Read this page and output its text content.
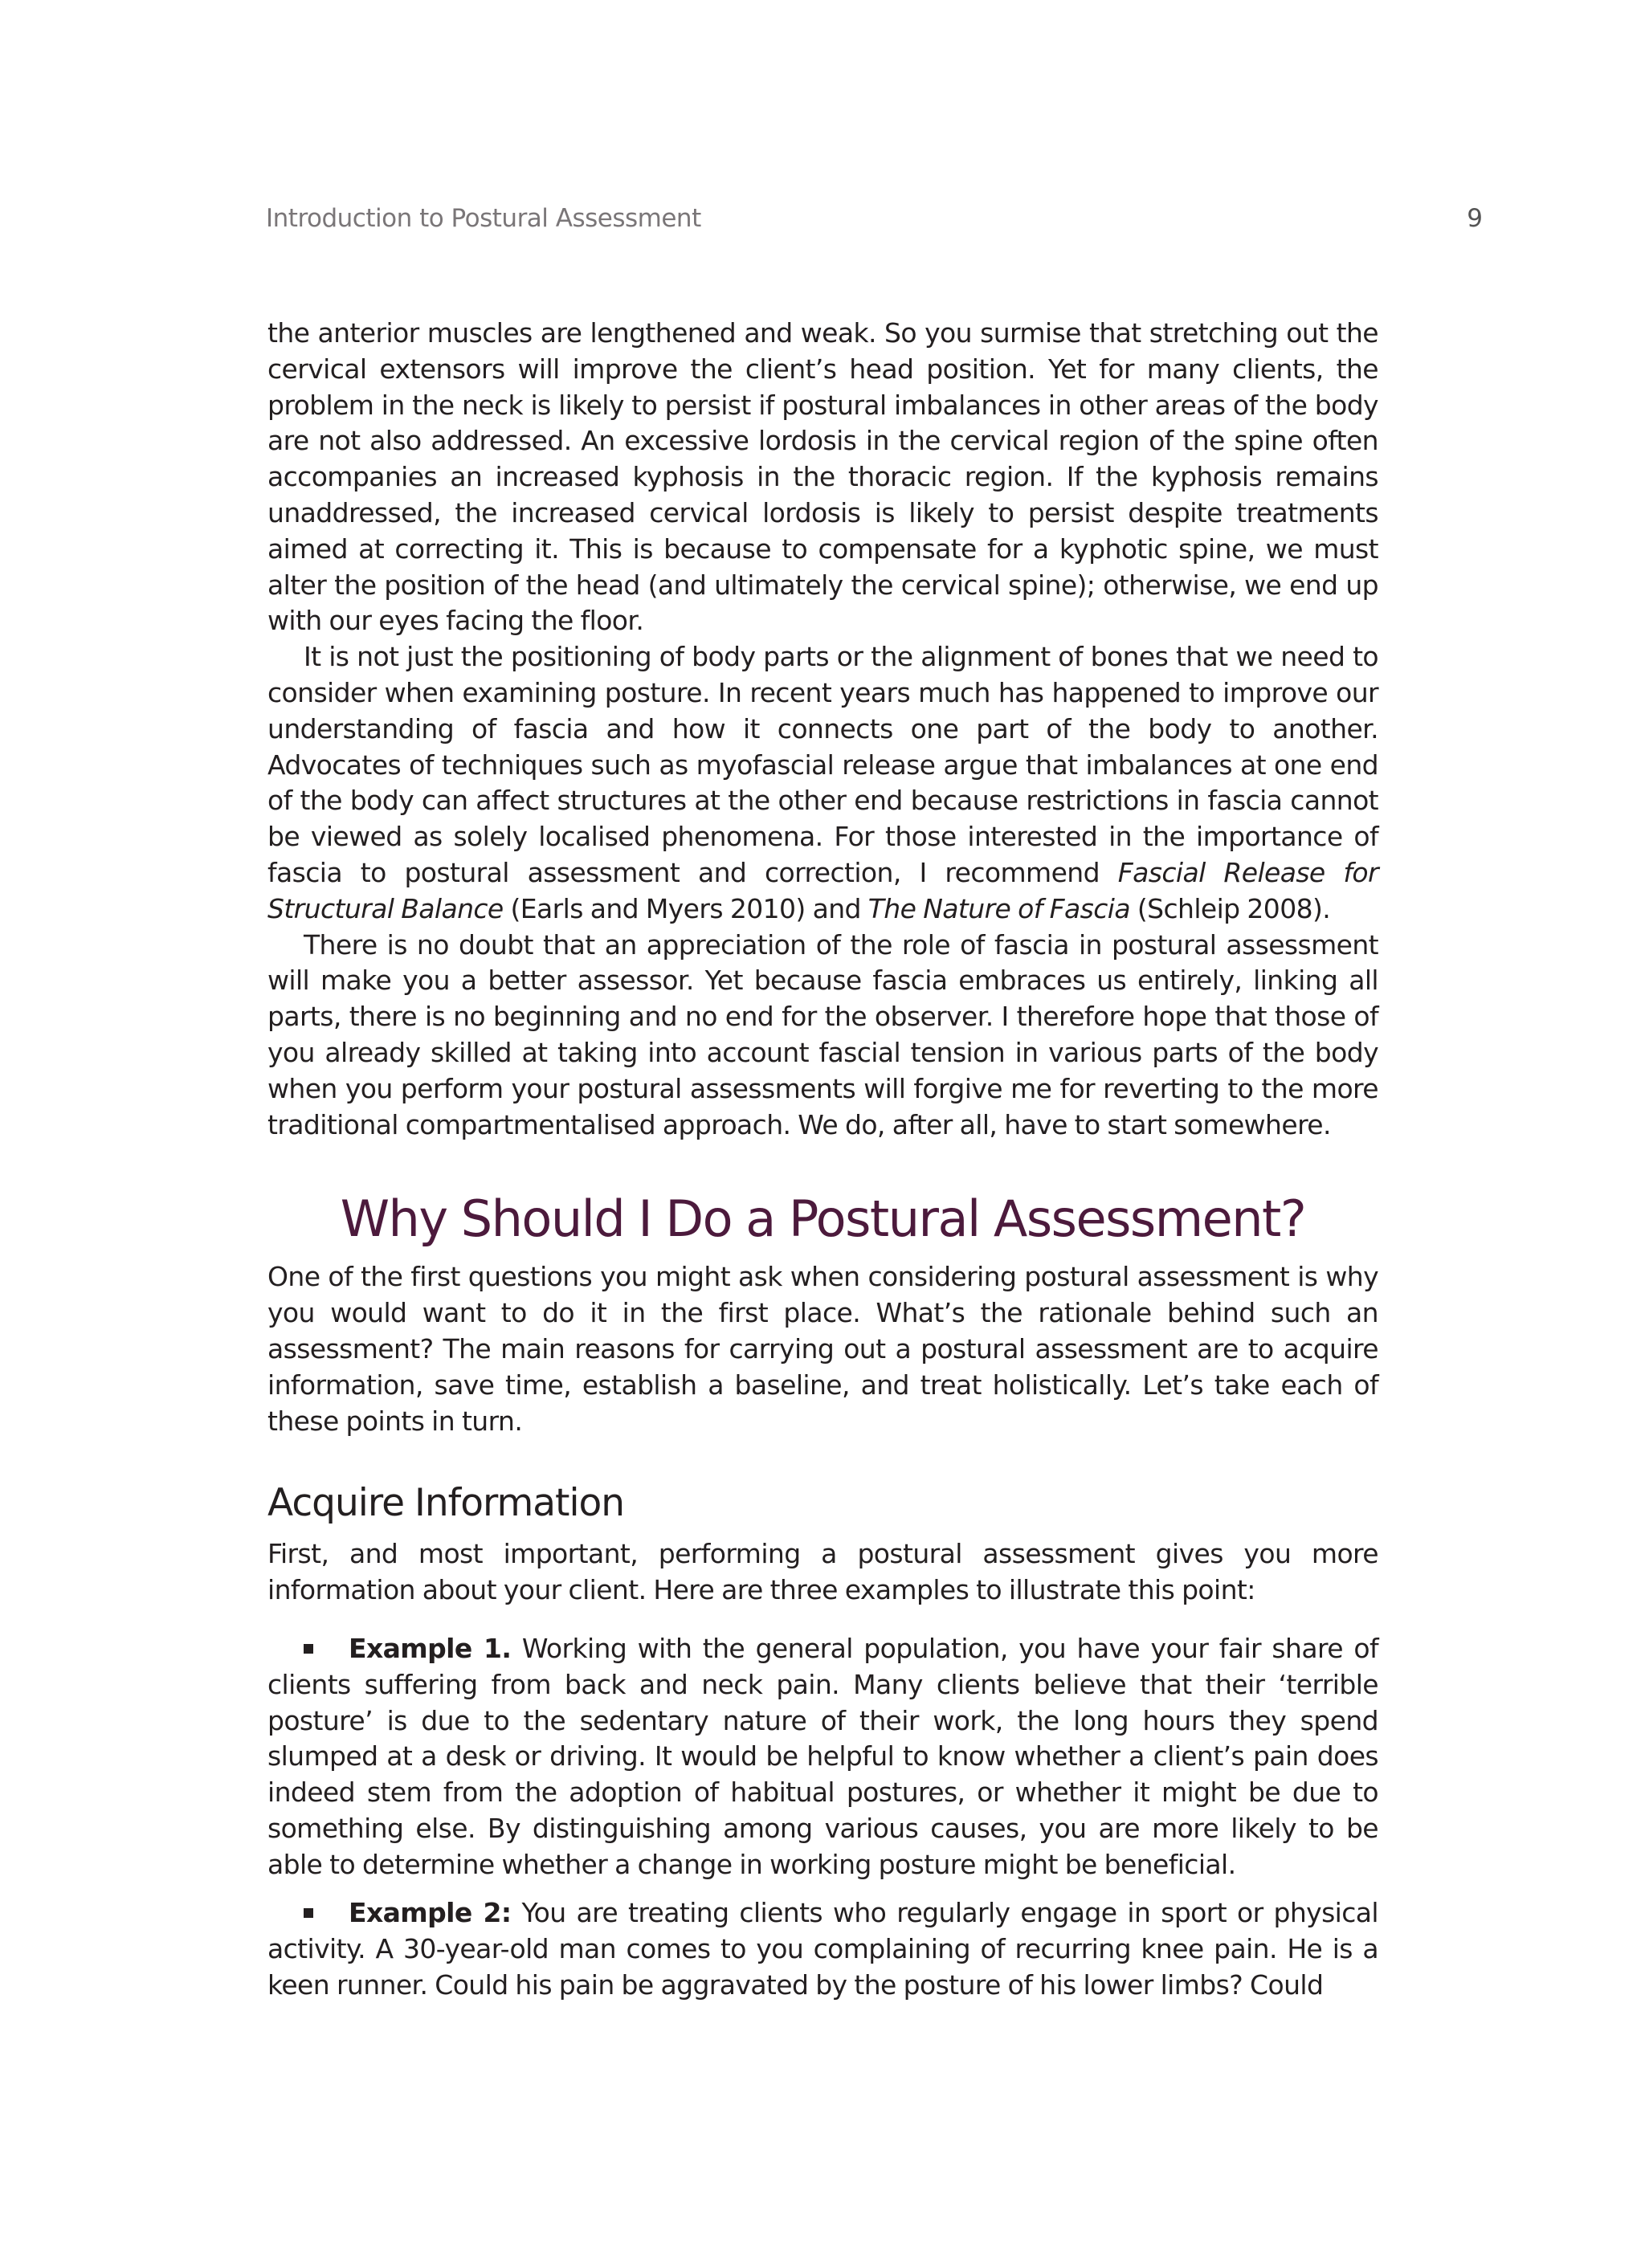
Introduction to Postural Assessment	9

the anterior muscles are lengthened and weak. So you surmise that stretching out the cervical extensors will improve the client’s head position. Yet for many clients, the problem in the neck is likely to persist if postural imbalances in other areas of the body are not also addressed. An excessive lordosis in the cervical region of the spine often accompanies an increased kyphosis in the thoracic region. If the kyphosis remains unaddressed, the increased cervical lordosis is likely to persist despite treatments aimed at correcting it. This is because to compensate for a kyphotic spine, we must alter the position of the head (and ultimately the cervical spine); otherwise, we end up with our eyes facing the floor.

It is not just the positioning of body parts or the alignment of bones that we need to consider when examining posture. In recent years much has happened to improve our understanding of fascia and how it connects one part of the body to another. Advocates of techniques such as myofascial release argue that imbalances at one end of the body can affect structures at the other end because restrictions in fascia cannot be viewed as solely localised phenomena. For those interested in the importance of fascia to postural assessment and correction, I recommend Fascial Release for Structural Balance (Earls and Myers 2010) and The Nature of Fascia (Schleip 2008).

There is no doubt that an appreciation of the role of fascia in postural assessment will make you a better assessor. Yet because fascia embraces us entirely, linking all parts, there is no beginning and no end for the observer. I therefore hope that those of you already skilled at taking into account fascial tension in various parts of the body when you perform your postural assessments will forgive me for reverting to the more traditional compartmentalised approach. We do, after all, have to start somewhere.

Why Should I Do a Postural Assessment?

One of the first questions you might ask when considering postural assessment is why you would want to do it in the first place. What’s the rationale behind such an assessment? The main reasons for carrying out a postural assessment are to acquire information, save time, establish a baseline, and treat holistically. Let’s take each of these points in turn.

Acquire Information

First, and most important, performing a postural assessment gives you more information about your client. Here are three examples to illustrate this point:

Example 1. Working with the general population, you have your fair share of clients suffering from back and neck pain. Many clients believe that their ‘terrible posture’ is due to the sedentary nature of their work, the long hours they spend slumped at a desk or driving. It would be helpful to know whether a client’s pain does indeed stem from the adoption of habitual postures, or whether it might be due to something else. By distinguishing among various causes, you are more likely to be able to determine whether a change in working posture might be beneficial.

Example 2: You are treating clients who regularly engage in sport or physical activity. A 30-year-old man comes to you complaining of recurring knee pain. He is a keen runner. Could his pain be aggravated by the posture of his lower limbs? Could
